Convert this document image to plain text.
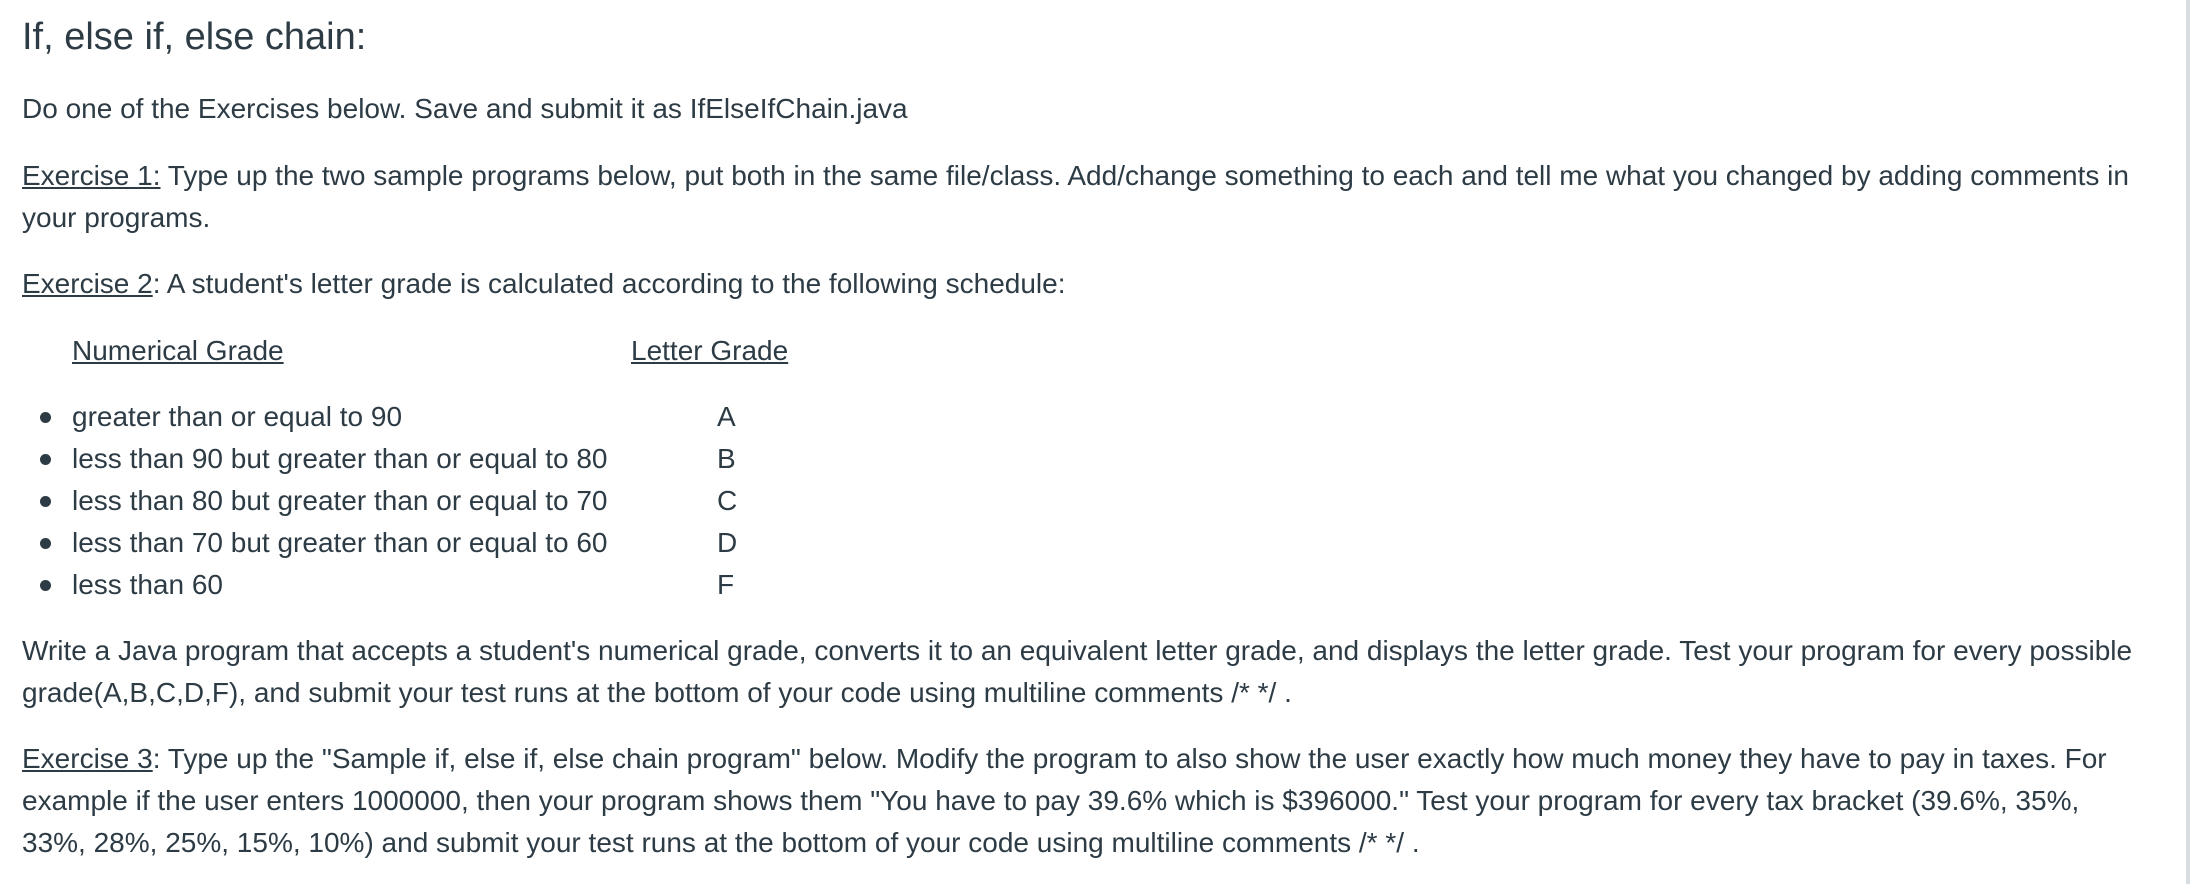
If, else if, else chain:

Do one of the Exercises below. Save and submit it as IfElseIfChain.java

Exercise 1: Type up the two sample programs below, put both in the same file/class. Add/change something to each and tell me what you changed by adding comments in your programs.

Exercise 2: A student's letter grade is calculated according to the following schedule:

Numerical Grade	Letter Grade
greater than or equal to 90	A
less than 90 but greater than or equal to 80	B
less than 80 but greater than or equal to 70	C
less than 70 but greater than or equal to 60	D
less than 60	F

Write a Java program that accepts a student's numerical grade, converts it to an equivalent letter grade, and displays the letter grade. Test your program for every possible grade(A,B,C,D,F), and submit your test runs at the bottom of your code using multiline comments /* */ .

Exercise 3: Type up the "Sample if, else if, else chain program" below. Modify the program to also show the user exactly how much money they have to pay in taxes. For example if the user enters 1000000, then your program shows them "You have to pay 39.6% which is $396000." Test your program for every tax bracket (39.6%, 35%, 33%, 28%, 25%, 15%, 10%) and submit your test runs at the bottom of your code using multiline comments /* */ .
